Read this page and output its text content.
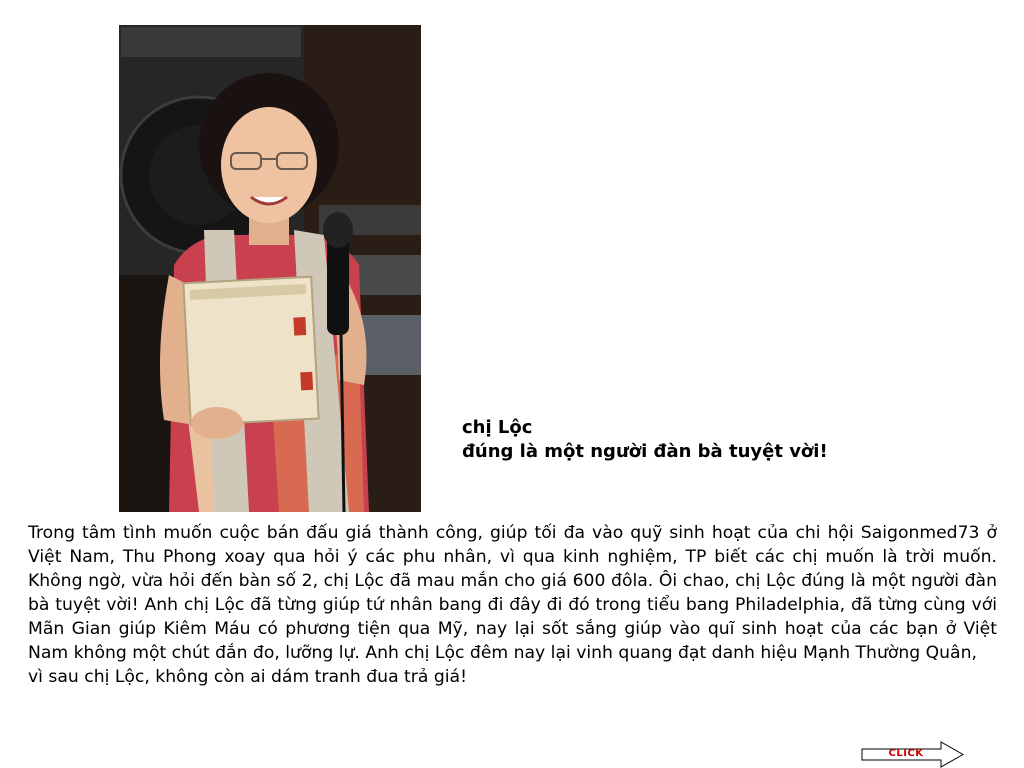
chị Lộc
đúng là một người đàn bà tuyệt vời!
Trong tâm tình muốn cuộc bán đấu giá thành công, giúp tối đa vào quỹ sinh hoạt của chi hội Saigonmed73 ở Việt Nam, Thu Phong xoay qua hỏi ý các phu nhân, vì qua kinh nghiệm, TP biết các chị muốn là trời muốn. Không ngờ, vừa hỏi đến bàn số 2, chị Lộc đã mau mắn cho giá 600 đôla. Ôi chao, chị Lộc đúng là một người đàn bà tuyệt vời! Anh chị Lộc đã từng giúp tứ nhân bang đi đây đi đó trong tiểu bang Philadelphia, đã từng cùng với Mãn Gian giúp Kiêm Máu có phương tiện qua Mỹ, nay lại sốt sắng giúp vào quĩ sinh hoạt của các bạn ở Việt Nam không một chút đắn đo, lưỡng lự. Anh chị Lộc đêm nay lại vinh quang đạt danh hiệu Mạnh Thường Quân,
vì sau chị Lộc, không còn ai dám tranh đua trả giá!
CLICK
